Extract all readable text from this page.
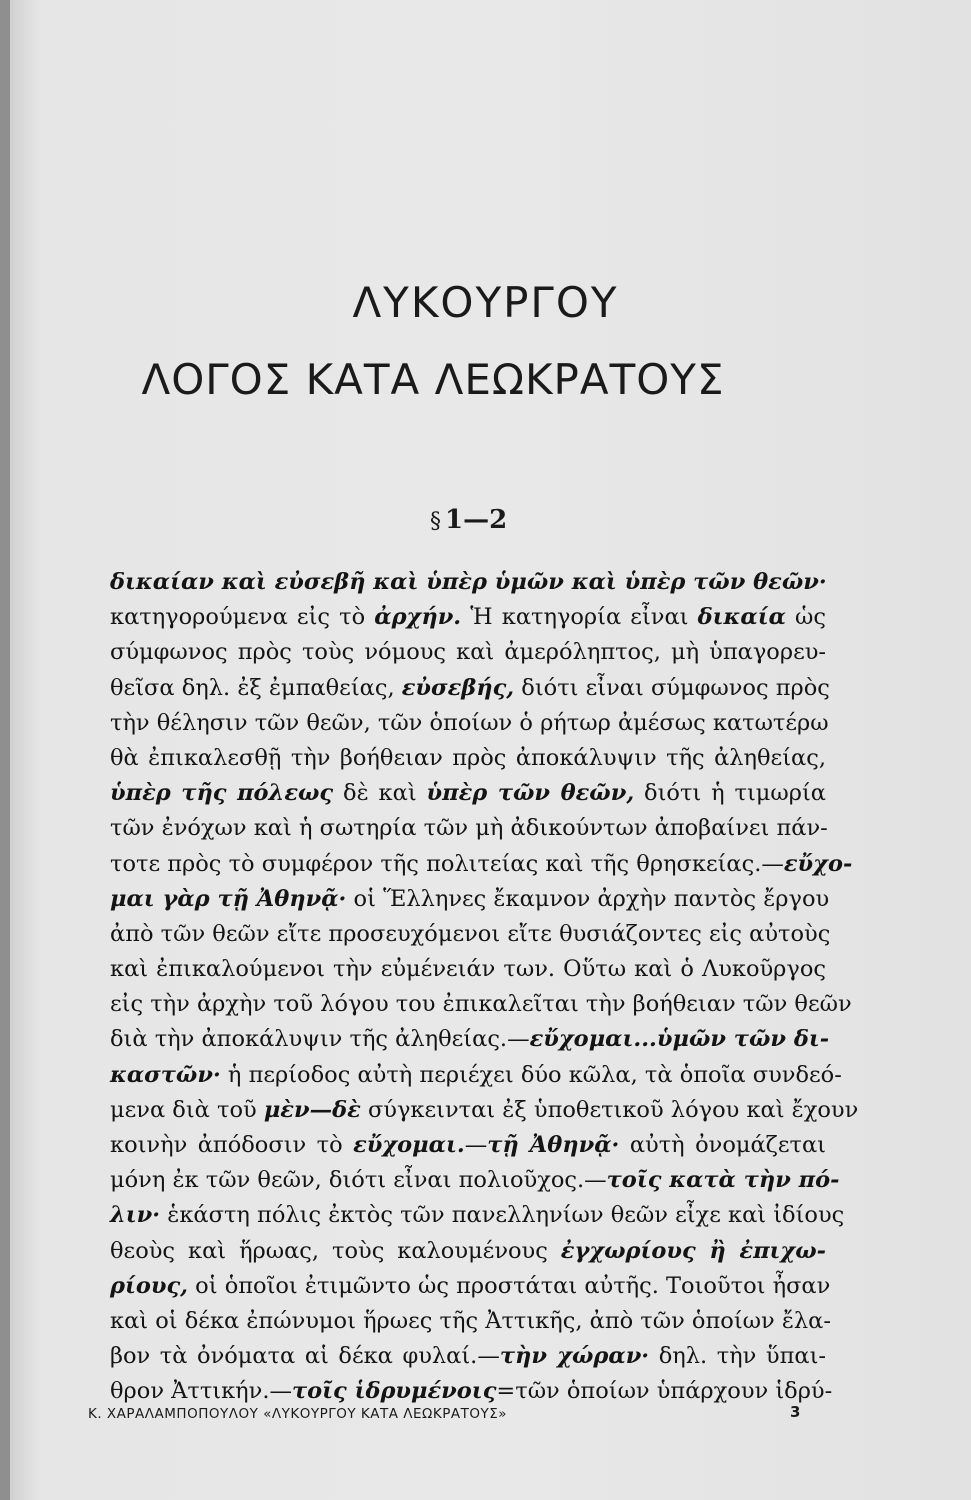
ΛΥΚΟΥΡΓΟΥ
ΛΟΓΟΣ ΚΑΤΑ ΛΕΩΚΡΑΤΟΥΣ
§ 1—2
δικαίαν καὶ εὐσεβῆ καὶ ὑπὲρ ὑμῶν καὶ ὑπὲρ τῶν θεῶν·
κατηγορούμενα εἰς τὸ ἀρχήν. Ἡ κατηγορία εἶναι δικαία ὡς
σύμφωνος πρὸς τοὺς νόμους καὶ ἀμερόληπτος, μὴ ὑπαγορευ-
θεῖσα δηλ. ἐξ ἐμπαθείας, εὐσεβής, διότι εἶναι σύμφωνος πρὸς
τὴν θέλησιν τῶν θεῶν, τῶν ὁποίων ὁ ρήτωρ ἀμέσως κατωτέρω
θὰ ἐπικαλεσθῇ τὴν βοήθειαν πρὸς ἀποκάλυψιν τῆς ἀληθείας,
ὑπὲρ τῆς πόλεως δὲ καὶ ὑπὲρ τῶν θεῶν, διότι ἡ τιμωρία
τῶν ἐνόχων καὶ ἡ σωτηρία τῶν μὴ ἀδικούντων ἀποβαίνει πάν-
τοτε πρὸς τὸ συμφέρον τῆς πολιτείας καὶ τῆς θρησκείας.—εὔχο-
μαι γὰρ τῇ Ἀθηνᾷ· οἱ Ἕλληνες ἔκαμνον ἀρχὴν παντὸς ἔργου
ἀπὸ τῶν θεῶν εἴτε προσευχόμενοι εἴτε θυσιάζοντες εἰς αὐτοὺς
καὶ ἐπικαλούμενοι τὴν εὐμένειάν των. Οὕτω καὶ ὁ Λυκοῦργος
εἰς τὴν ἀρχὴν τοῦ λόγου του ἐπικαλεῖται τὴν βοήθειαν τῶν θεῶν
διὰ τὴν ἀποκάλυψιν τῆς ἀληθείας.—εὔχομαι...ὑμῶν τῶν δι-
καστῶν· ἡ περίοδος αὐτὴ περιέχει δύο κῶλα, τὰ ὁποῖα συνδεό-
μενα διὰ τοῦ μὲν—δὲ σύγκεινται ἐξ ὑποθετικοῦ λόγου καὶ ἔχουν
κοινὴν ἀπόδοσιν τὸ εὔχομαι.—τῇ Ἀθηνᾷ· αὐτὴ ὀνομάζεται
μόνη ἐκ τῶν θεῶν, διότι εἶναι πολιοῦχος.—τοῖς κατὰ τὴν πό-
λιν· ἑκάστη πόλις ἐκτὸς τῶν πανελληνίων θεῶν εἶχε καὶ ἰδίους
θεοὺς καὶ ἥρωας, τοὺς καλουμένους ἐγχωρίους ἢ ἐπιχω-
ρίους, οἱ ὁποῖοι ἐτιμῶντο ὡς προστάται αὐτῆς. Τοιοῦτοι ἦσαν
καὶ οἱ δέκα ἐπώνυμοι ἥρωες τῆς Ἀττικῆς, ἀπὸ τῶν ὁποίων ἔλα-
βον τὰ ὀνόματα αἱ δέκα φυλαί.—τὴν χώραν· δηλ. τὴν ὕπαι-
θρον Ἀττικήν.—τοῖς ἱδρυμένοις=τῶν ὁποίων ὑπάρχουν ἱδρύ-
Κ. ΧΑΡΑΛΑΜΠΟΠΟΥΛΟΥ «ΛΥΚΟΥΡΓΟΥ ΚΑΤΑ ΛΕΩΚΡΑΤΟΥΣ»	3
